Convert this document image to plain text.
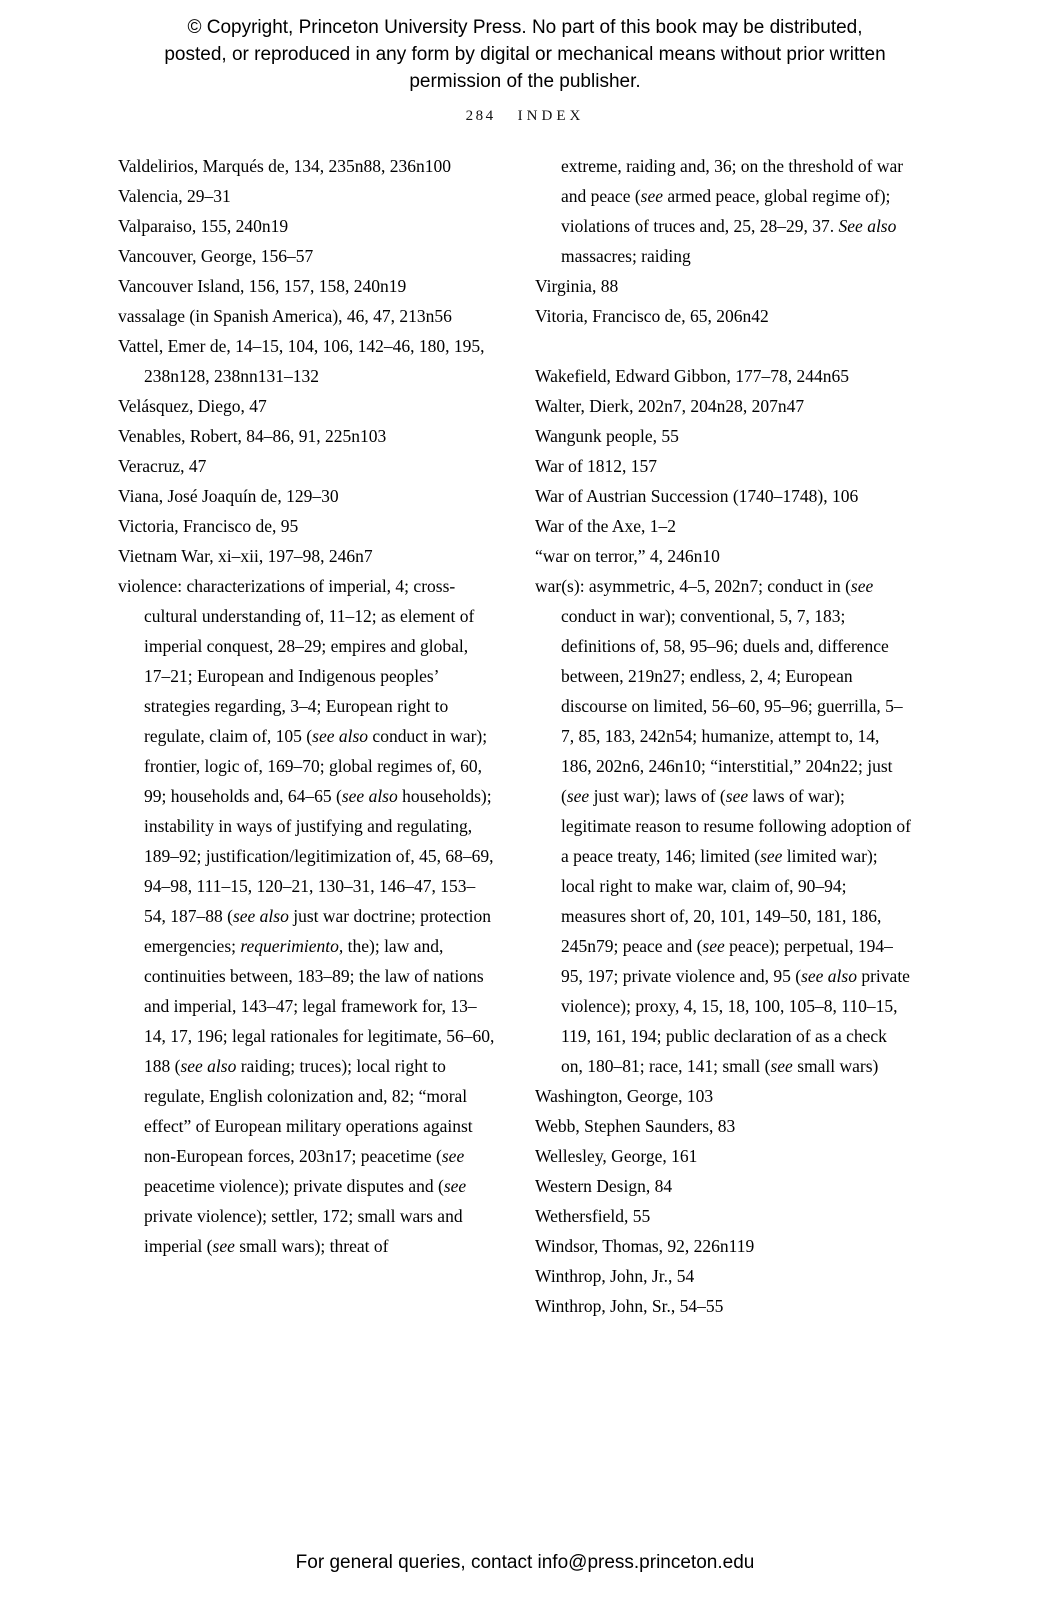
© Copyright, Princeton University Press. No part of this book may be distributed, posted, or reproduced in any form by digital or mechanical means without prior written permission of the publisher.
284 INDEX
Valdelirios, Marqués de, 134, 235n88, 236n100
Valencia, 29–31
Valparaiso, 155, 240n19
Vancouver, George, 156–57
Vancouver Island, 156, 157, 158, 240n19
vassalage (in Spanish America), 46, 47, 213n56
Vattel, Emer de, 14–15, 104, 106, 142–46, 180, 195, 238n128, 238nn131–132
Velásquez, Diego, 47
Venables, Robert, 84–86, 91, 225n103
Veracruz, 47
Viana, José Joaquín de, 129–30
Victoria, Francisco de, 95
Vietnam War, xi–xii, 197–98, 246n7
violence: characterizations of imperial, 4; cross-cultural understanding of, 11–12; as element of imperial conquest, 28–29; empires and global, 17–21; European and Indigenous peoples’ strategies regarding, 3–4; European right to regulate, claim of, 105 (see also conduct in war); frontier, logic of, 169–70; global regimes of, 60, 99; households and, 64–65 (see also households); instability in ways of justifying and regulating, 189–92; justification/legitimization of, 45, 68–69, 94–98, 111–15, 120–21, 130–31, 146–47, 153–54, 187–88 (see also just war doctrine; protection emergencies; requerimiento, the); law and, continuities between, 183–89; the law of nations and imperial, 143–47; legal framework for, 13–14, 17, 196; legal rationales for legitimate, 56–60, 188 (see also raiding; truces); local right to regulate, English colonization and, 82; “moral effect” of European military operations against non-European forces, 203n17; peacetime (see peacetime violence); private disputes and (see private violence); settler, 172; small wars and imperial (see small wars); threat of
extreme, raiding and, 36; on the threshold of war and peace (see armed peace, global regime of); violations of truces and, 25, 28–29, 37. See also massacres; raiding
Virginia, 88
Vitoria, Francisco de, 65, 206n42
Wakefield, Edward Gibbon, 177–78, 244n65
Walter, Dierk, 202n7, 204n28, 207n47
Wangunk people, 55
War of 1812, 157
War of Austrian Succession (1740–1748), 106
War of the Axe, 1–2
“war on terror,” 4, 246n10
war(s): asymmetric, 4–5, 202n7; conduct in (see conduct in war); conventional, 5, 7, 183; definitions of, 58, 95–96; duels and, difference between, 219n27; endless, 2, 4; European discourse on limited, 56–60, 95–96; guerrilla, 5–7, 85, 183, 242n54; humanize, attempt to, 14, 186, 202n6, 246n10; “interstitial,” 204n22; just (see just war); laws of (see laws of war); legitimate reason to resume following adoption of a peace treaty, 146; limited (see limited war); local right to make war, claim of, 90–94; measures short of, 20, 101, 149–50, 181, 186, 245n79; peace and (see peace); perpetual, 194–95, 197; private violence and, 95 (see also private violence); proxy, 4, 15, 18, 100, 105–8, 110–15, 119, 161, 194; public declaration of as a check on, 180–81; race, 141; small (see small wars)
Washington, George, 103
Webb, Stephen Saunders, 83
Wellesley, George, 161
Western Design, 84
Wethersfield, 55
Windsor, Thomas, 92, 226n119
Winthrop, John, Jr., 54
Winthrop, John, Sr., 54–55
For general queries, contact info@press.princeton.edu
